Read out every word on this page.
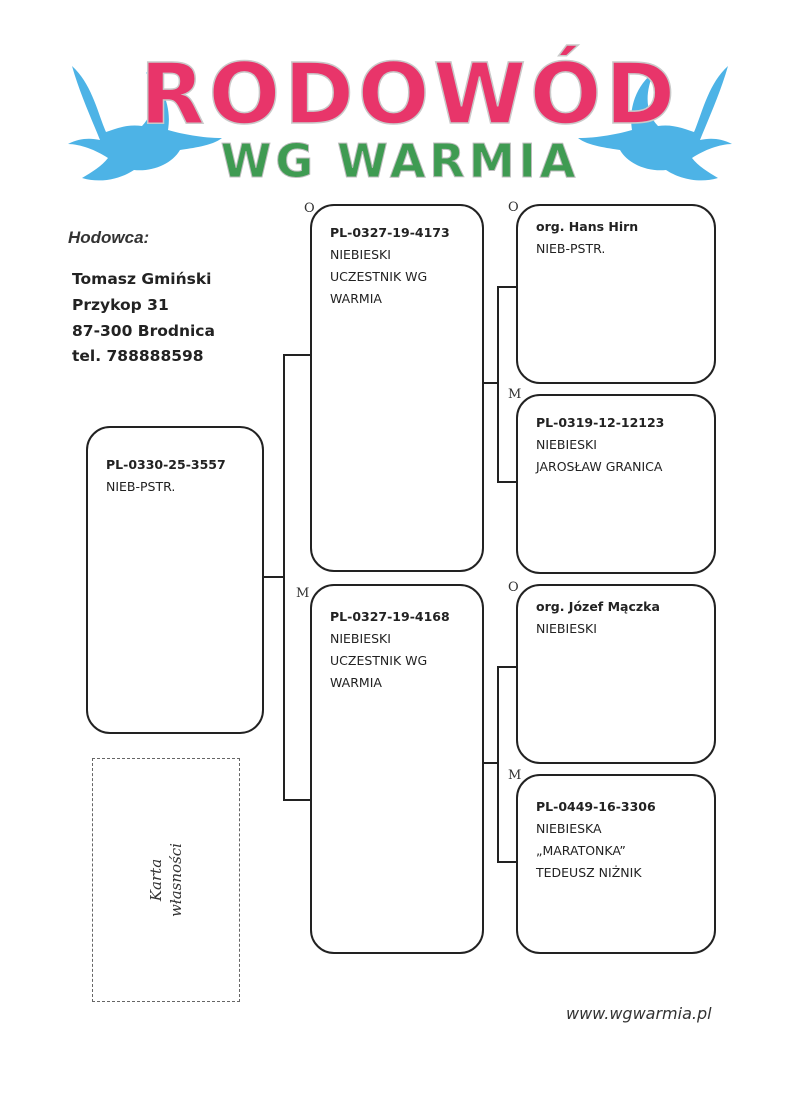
RODOWÓD
WG WARMIA
Hodowca:
Tomasz Gmiński
Przykop 31
87-300 Brodnica
tel. 788888598
PL-0330-25-3557
NIEB-PSTR.
O
PL-0327-19-4173
NIEBIESKI
UCZESTNIK WG
WARMIA
M
PL-0327-19-4168
NIEBIESKI
UCZESTNIK WG
WARMIA
O
org. Hans Hirn
NIEB-PSTR.
M
PL-0319-12-12123
NIEBIESKI
JAROSŁAW GRANICA
O
org. Józef Mączka
NIEBIESKI
M
PL-0449-16-3306
NIEBIESKA
„MARATONKA”
TEDEUSZ NIŻNIK
Karta własności
www.wgwarmia.pl
